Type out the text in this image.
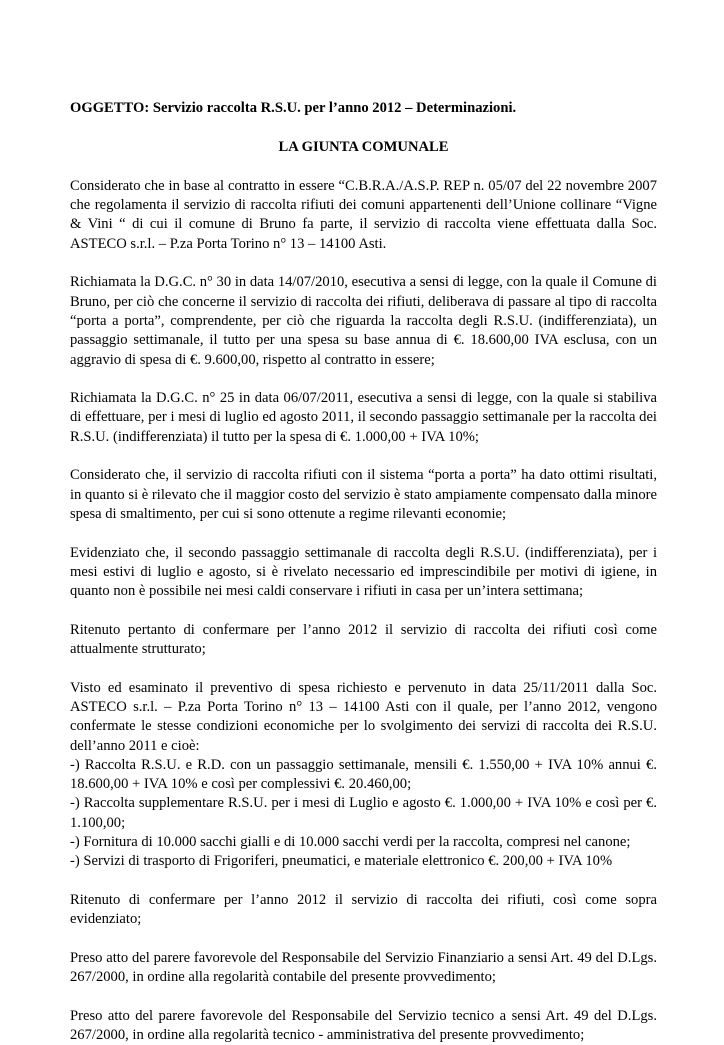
OGGETTO: Servizio raccolta R.S.U. per l’anno 2012 – Determinazioni.

LA GIUNTA COMUNALE

Considerato che in base al contratto in essere “C.B.R.A./A.S.P. REP n. 05/07 del 22 novembre 2007 che regolamenta il servizio di raccolta rifiuti dei comuni appartenenti dell’Unione collinare “Vigne & Vini “ di cui il comune di Bruno fa parte, il servizio di raccolta viene effettuata dalla Soc. ASTECO s.r.l. – P.za Porta Torino n° 13 – 14100 Asti.

Richiamata la D.G.C. n° 30 in data 14/07/2010, esecutiva a sensi di legge, con la quale il Comune di Bruno, per ciò che concerne il servizio di raccolta dei rifiuti, deliberava di passare al tipo di raccolta “porta a porta”, comprendente, per ciò che riguarda la raccolta degli R.S.U. (indifferenziata), un passaggio settimanale, il tutto per una spesa su base annua di €. 18.600,00 IVA esclusa, con un aggravio di spesa di €. 9.600,00, rispetto al contratto in essere;

Richiamata la D.G.C. n° 25 in data 06/07/2011, esecutiva a sensi di legge, con la quale si stabiliva di effettuare, per i mesi di luglio ed agosto 2011, il secondo passaggio settimanale per la raccolta dei R.S.U. (indifferenziata) il tutto per la spesa di €. 1.000,00 + IVA 10%;

Considerato che, il servizio di raccolta rifiuti con il sistema “porta a porta” ha dato ottimi risultati, in quanto si è rilevato che il maggior costo del servizio è stato ampiamente compensato dalla minore spesa di smaltimento, per cui si sono ottenute a regime rilevanti economie;

Evidenziato che, il secondo passaggio settimanale di raccolta degli R.S.U. (indifferenziata), per i mesi estivi di luglio e agosto, si è rivelato necessario ed imprescindibile per motivi di igiene, in quanto non è possibile nei mesi caldi conservare i rifiuti in casa per un’intera settimana;

Ritenuto pertanto di confermare per l’anno 2012 il servizio di raccolta dei rifiuti così come attualmente strutturato;

Visto ed esaminato il preventivo di spesa richiesto e pervenuto in data 25/11/2011 dalla Soc. ASTECO s.r.l. – P.za Porta Torino n° 13 – 14100 Asti con il quale, per l’anno 2012, vengono confermate le stesse condizioni economiche per lo svolgimento dei servizi di raccolta dei R.S.U. dell’anno 2011 e cioè:

-) Raccolta R.S.U. e R.D. con un passaggio settimanale, mensili €. 1.550,00 + IVA 10% annui €. 18.600,00 + IVA 10% e così per complessivi €. 20.460,00;

-) Raccolta supplementare R.S.U. per i mesi di Luglio e agosto €. 1.000,00 + IVA 10% e così per €. 1.100,00;

-) Fornitura di 10.000 sacchi gialli e di 10.000 sacchi verdi per la raccolta, compresi nel canone;

-) Servizi di trasporto di Frigoriferi, pneumatici, e materiale elettronico €. 200,00 + IVA 10%

Ritenuto di confermare per l’anno 2012 il servizio di raccolta dei rifiuti, così come sopra evidenziato;

Preso atto del parere favorevole del Responsabile del Servizio Finanziario a sensi Art. 49 del D.Lgs. 267/2000, in ordine alla regolarità contabile del presente provvedimento;

Preso atto del parere favorevole del Responsabile del Servizio tecnico a sensi Art. 49 del D.Lgs. 267/2000, in ordine alla regolarità tecnico - amministrativa del presente provvedimento;
